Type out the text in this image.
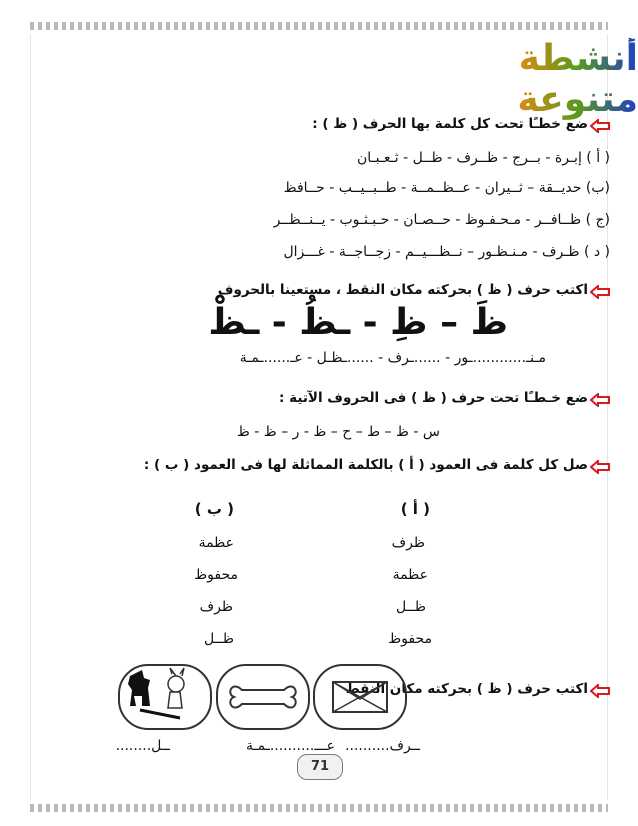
أنشطة متنوعة
ضع خطـًا تحت كل كلمة بها الحرف ( ظ ) :
( أ ) إبـرة - بــرج - ظــرف - ظــل - ثـعـبـان
(ب) حديــقة – ثــيران - عــظــمــة - طــبــيــب - حــافظ
(ج ) ظــافــر - مـحـفـوظ - حــصـان - حـبـثـوب - يــنــظــر
( د ) ظـرف - مـنـظـور – نــظـــيــم - زجــاجــة - غـــزال
اكتب حرف ( ظ ) بحركته مكان النقط ، مستعينا بالحروف
ظَ – ظِ - ـظُ - ـظْ
مـنـ............ـور - ......ـرف - ......ـظـل - عـ......ـمـة
ضع خـطـًا تحت حرف ( ظ ) فى الحروف الآتية :
س - ظ – ط – ح – ظ - ر – ظ - ظ
صل كل كلمة فى العمود ( أ ) بالكلمة المماثلة لها فى العمود ( ب ) :
( أ )
( ب )
ظرف
عظمة
ظــل
محفوظ
عظمة
محفوظ
ظرف
ظــل
اكتب حرف ( ظ ) بحركته مكان النقط
ــرف..........
عـــ..........ـمـة
ــل........
71
